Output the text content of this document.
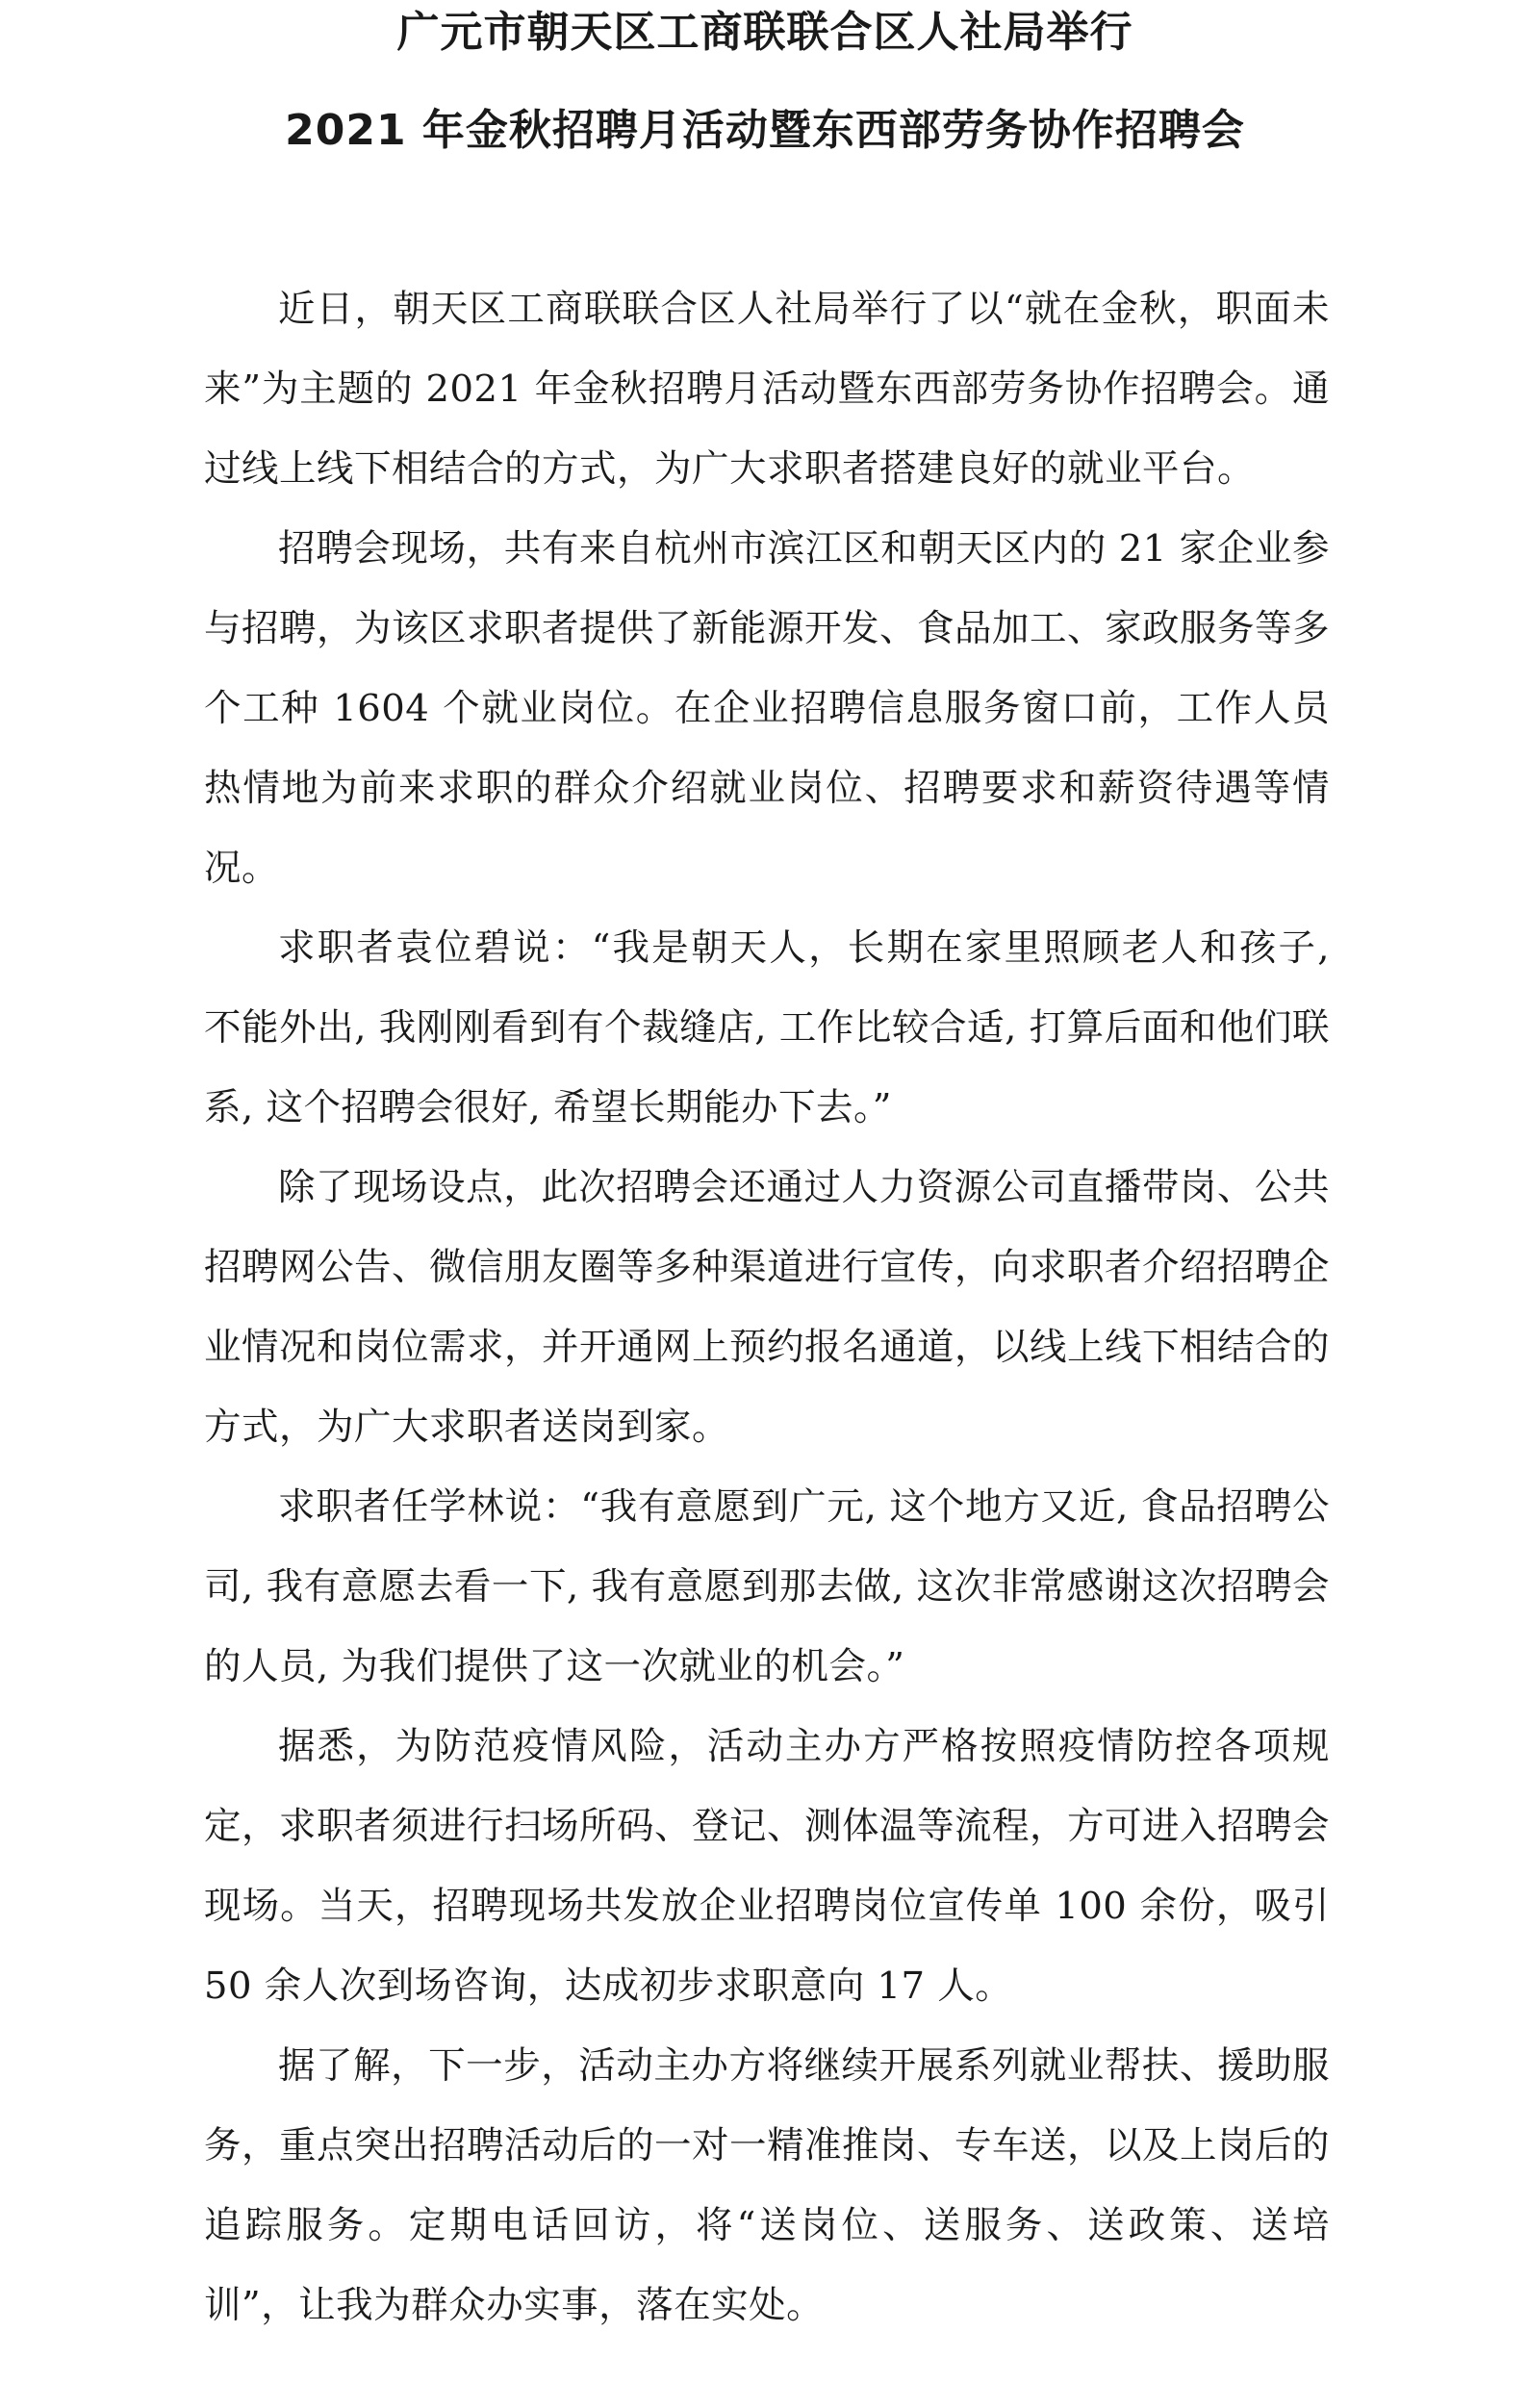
广元市朝天区工商联联合区人社局举行
2021 年金秋招聘月活动暨东西部劳务协作招聘会

近日，朝天区工商联联合区人社局举行了以“就在金秋，职面未来”为主题的 2021 年金秋招聘月活动暨东西部劳务协作招聘会。通过线上线下相结合的方式，为广大求职者搭建良好的就业平台。

招聘会现场，共有来自杭州市滨江区和朝天区内的 21 家企业参与招聘，为该区求职者提供了新能源开发、食品加工、家政服务等多个工种 1604 个就业岗位。在企业招聘信息服务窗口前，工作人员热情地为前来求职的群众介绍就业岗位、招聘要求和薪资待遇等情况。

求职者袁位碧说：“我是朝天人，长期在家里照顾老人和孩子, 不能外出, 我刚刚看到有个裁缝店, 工作比较合适, 打算后面和他们联系, 这个招聘会很好, 希望长期能办下去。”

除了现场设点，此次招聘会还通过人力资源公司直播带岗、公共招聘网公告、微信朋友圈等多种渠道进行宣传，向求职者介绍招聘企业情况和岗位需求，并开通网上预约报名通道，以线上线下相结合的方式，为广大求职者送岗到家。

求职者任学林说：“我有意愿到广元, 这个地方又近, 食品招聘公司, 我有意愿去看一下, 我有意愿到那去做, 这次非常感谢这次招聘会的人员, 为我们提供了这一次就业的机会。”

据悉，为防范疫情风险，活动主办方严格按照疫情防控各项规定，求职者须进行扫场所码、登记、测体温等流程，方可进入招聘会现场。当天，招聘现场共发放企业招聘岗位宣传单 100 余份，吸引 50 余人次到场咨询，达成初步求职意向 17 人。

据了解，下一步，活动主办方将继续开展系列就业帮扶、援助服务，重点突出招聘活动后的一对一精准推岗、专车送，以及上岗后的追踪服务。定期电话回访，将“送岗位、送服务、送政策、送培训”，让我为群众办实事，落在实处。
